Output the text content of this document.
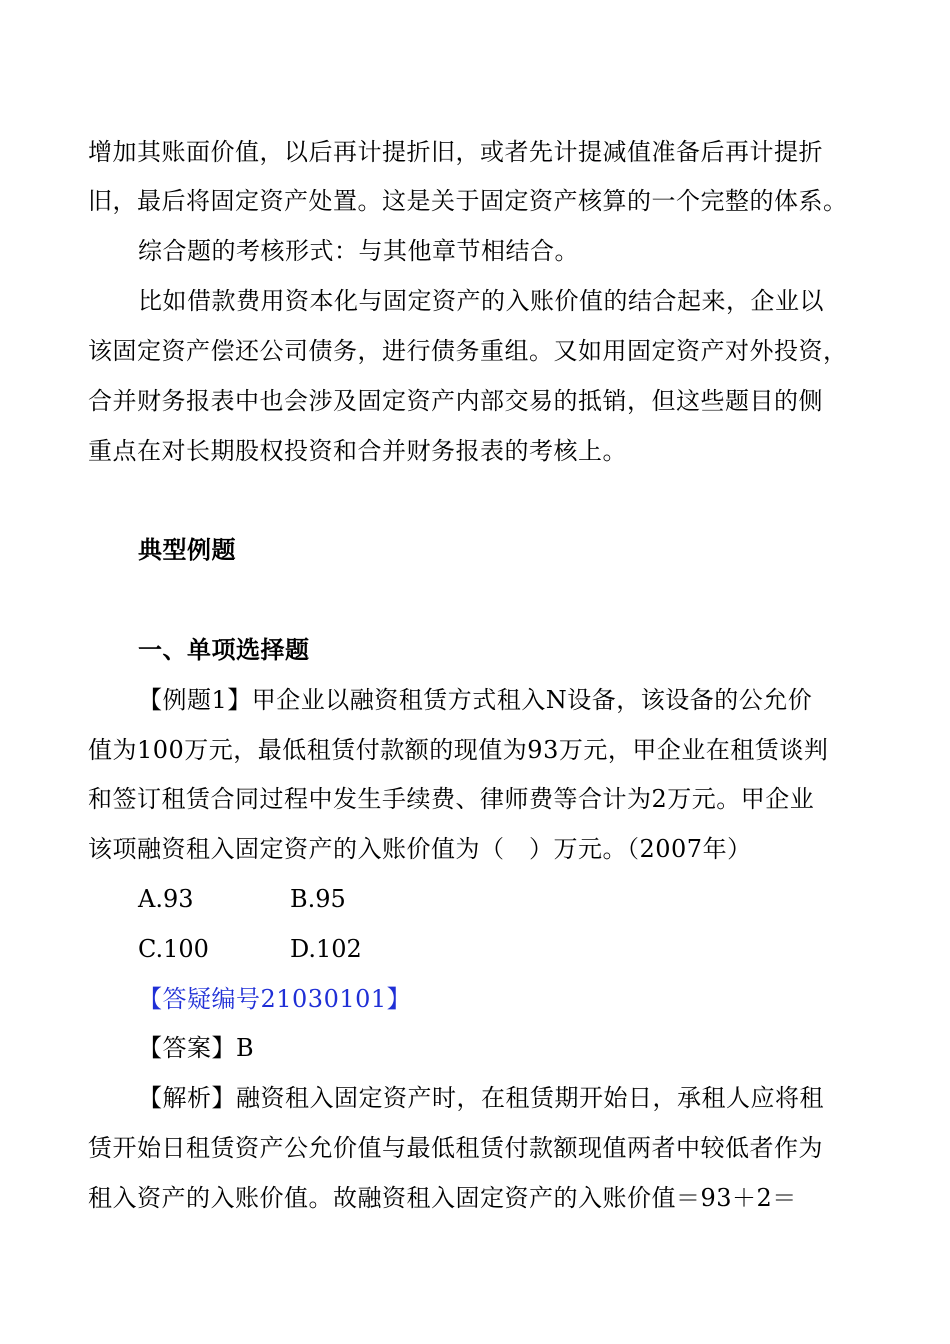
增加其账面价值，以后再计提折旧，或者先计提减值准备后再计提折
旧，最后将固定资产处置。这是关于固定资产核算的一个完整的体系。
综合题的考核形式：与其他章节相结合。
比如借款费用资本化与固定资产的入账价值的结合起来，企业以
该固定资产偿还公司债务，进行债务重组。又如用固定资产对外投资，
合并财务报表中也会涉及固定资产内部交易的抵销，但这些题目的侧
重点在对长期股权投资和合并财务报表的考核上。
典型例题
一、单项选择题
【例题1】甲企业以融资租赁方式租入N设备，该设备的公允价
值为100万元，最低租赁付款额的现值为93万元，甲企业在租赁谈判
和签订租赁合同过程中发生手续费、律师费等合计为2万元。甲企业
该项融资租入固定资产的入账价值为（　）万元。（2007年）
A.93	B.95
C.100	D.102
【答疑编号21030101】
【答案】B
【解析】融资租入固定资产时，在租赁期开始日，承租人应将租
赁开始日租赁资产公允价值与最低租赁付款额现值两者中较低者作为
租入资产的入账价值。故融资租入固定资产的入账价值＝93＋2＝
